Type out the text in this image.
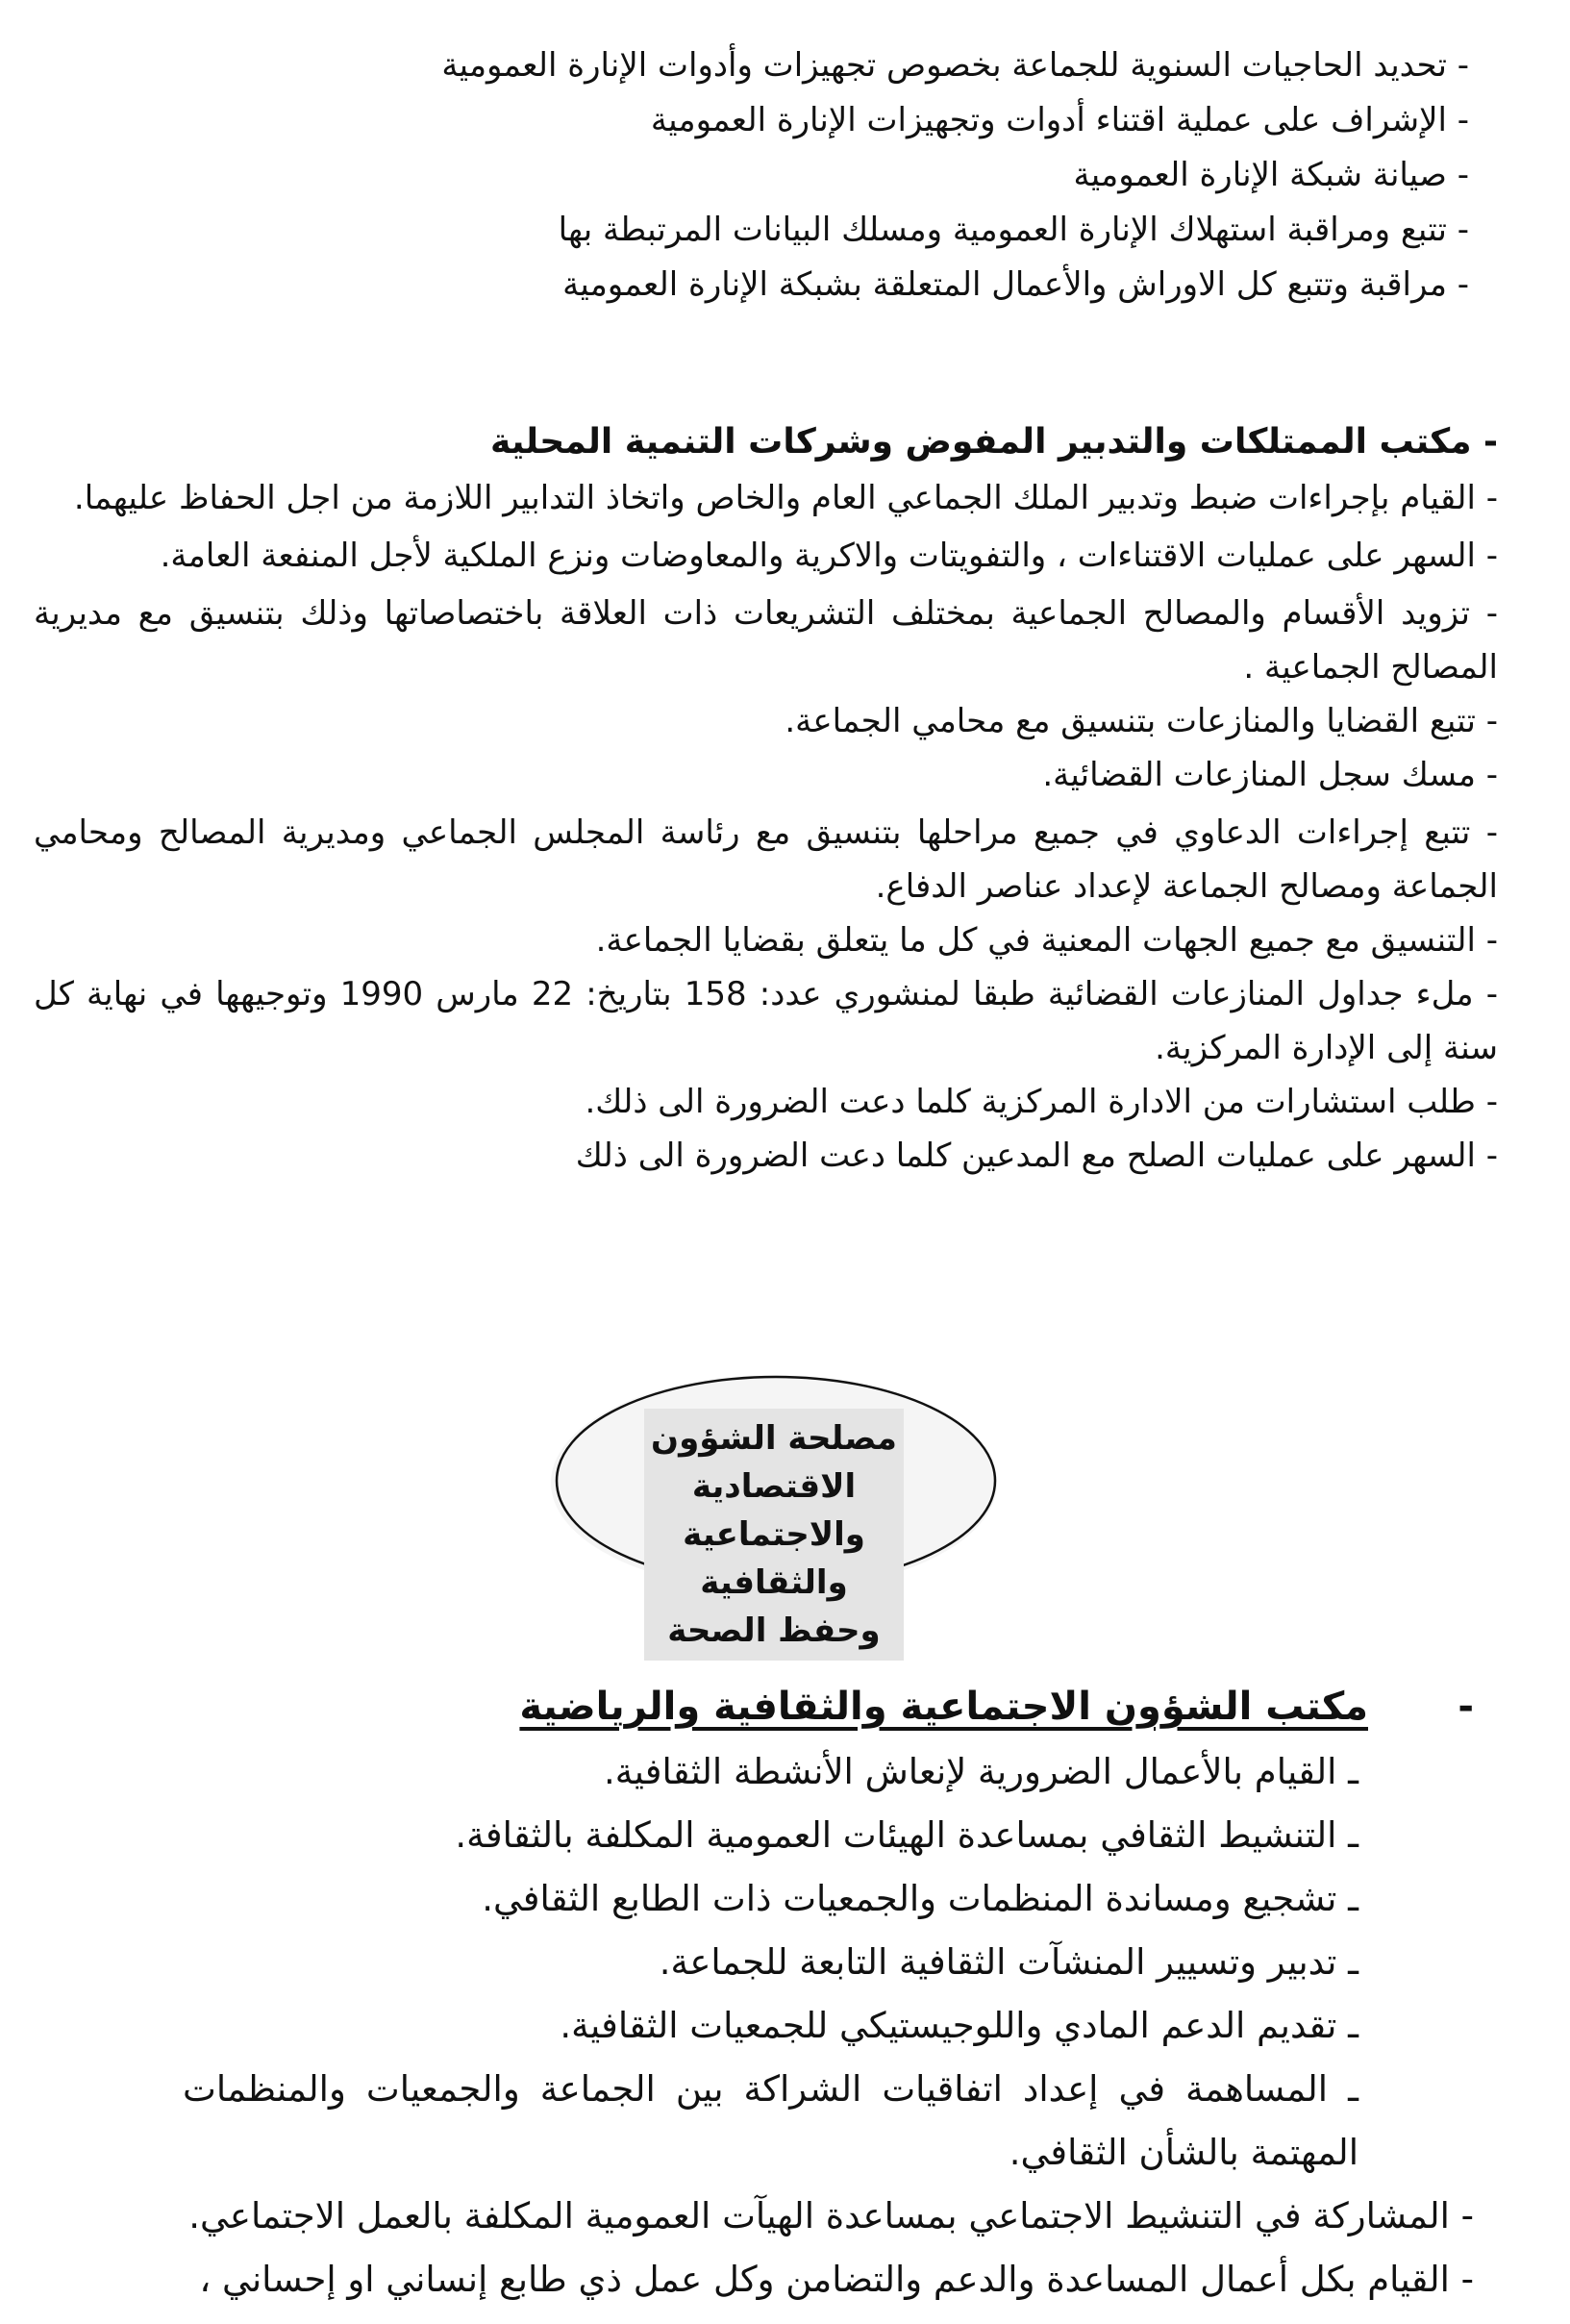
- تحديد الحاجيات السنوية للجماعة بخصوص تجهيزات وأدوات الإنارة العمومية
- الإشراف على عملية اقتناء أدوات وتجهيزات الإنارة العمومية
- صيانة شبكة الإنارة العمومية
- تتبع ومراقبة استهلاك الإنارة العمومية ومسلك البيانات المرتبطة بها
- مراقبة وتتبع كل الاوراش والأعمال المتعلقة بشبكة الإنارة العمومية
- مكتب الممتلكات والتدبير المفوض وشركات التنمية المحلية
- القيام بإجراءات ضبط وتدبير الملك الجماعي العام والخاص واتخاذ التدابير اللازمة من اجل الحفاظ عليهما.
- السهر على عمليات الاقتناءات ، والتفويتات والاكرية والمعاوضات ونزع الملكية لأجل المنفعة العامة.
- تزويد الأقسام والمصالح الجماعية بمختلف التشريعات ذات العلاقة باختصاصاتها وذلك بتنسيق مع مديرية المصالح الجماعية .
- تتبع القضايا والمنازعات بتنسيق مع محامي الجماعة.
- مسك سجل المنازعات القضائية.
- تتبع إجراءات الدعاوي في جميع مراحلها بتنسيق مع رئاسة المجلس الجماعي ومديرية المصالح ومحامي الجماعة ومصالح الجماعة لإعداد عناصر الدفاع.
- التنسيق مع جميع الجهات المعنية في كل ما يتعلق بقضايا الجماعة.
- ملء جداول المنازعات القضائية طبقا لمنشوري عدد: 158 بتاريخ: 22 مارس 1990 وتوجيهها في نهاية كل سنة إلى الإدارة المركزية.
- طلب استشارات من الادارة المركزية كلما دعت الضرورة الى ذلك.
- السهر على عمليات الصلح مع المدعين كلما دعت الضرورة الى ذلك
مصلحة الشؤون
الاقتصادية والاجتماعية
والثقافية وحفظ الصحة
-مكتب الشؤون الاجتماعية والثقافية والرياضية
ـ القيام بالأعمال الضرورية لإنعاش الأنشطة الثقافية.
ـ التنشيط الثقافي بمساعدة الهيئات العمومية المكلفة بالثقافة.
ـ تشجيع ومساندة المنظمات والجمعيات ذات الطابع الثقافي.
ـ تدبير وتسيير المنشآت الثقافية التابعة للجماعة.
ـ تقديم الدعم المادي واللوجيستيكي للجمعيات الثقافية.
ـ المساهمة في إعداد اتفاقيات الشراكة بين الجماعة والجمعيات والمنظمات المهتمة بالشأن الثقافي.
- المشاركة في التنشيط الاجتماعي بمساعدة الهيآت العمومية المكلفة بالعمل الاجتماعي.
- القيام بكل أعمال المساعدة والدعم والتضامن وكل عمل ذي طابع إنساني او إحساني ،
